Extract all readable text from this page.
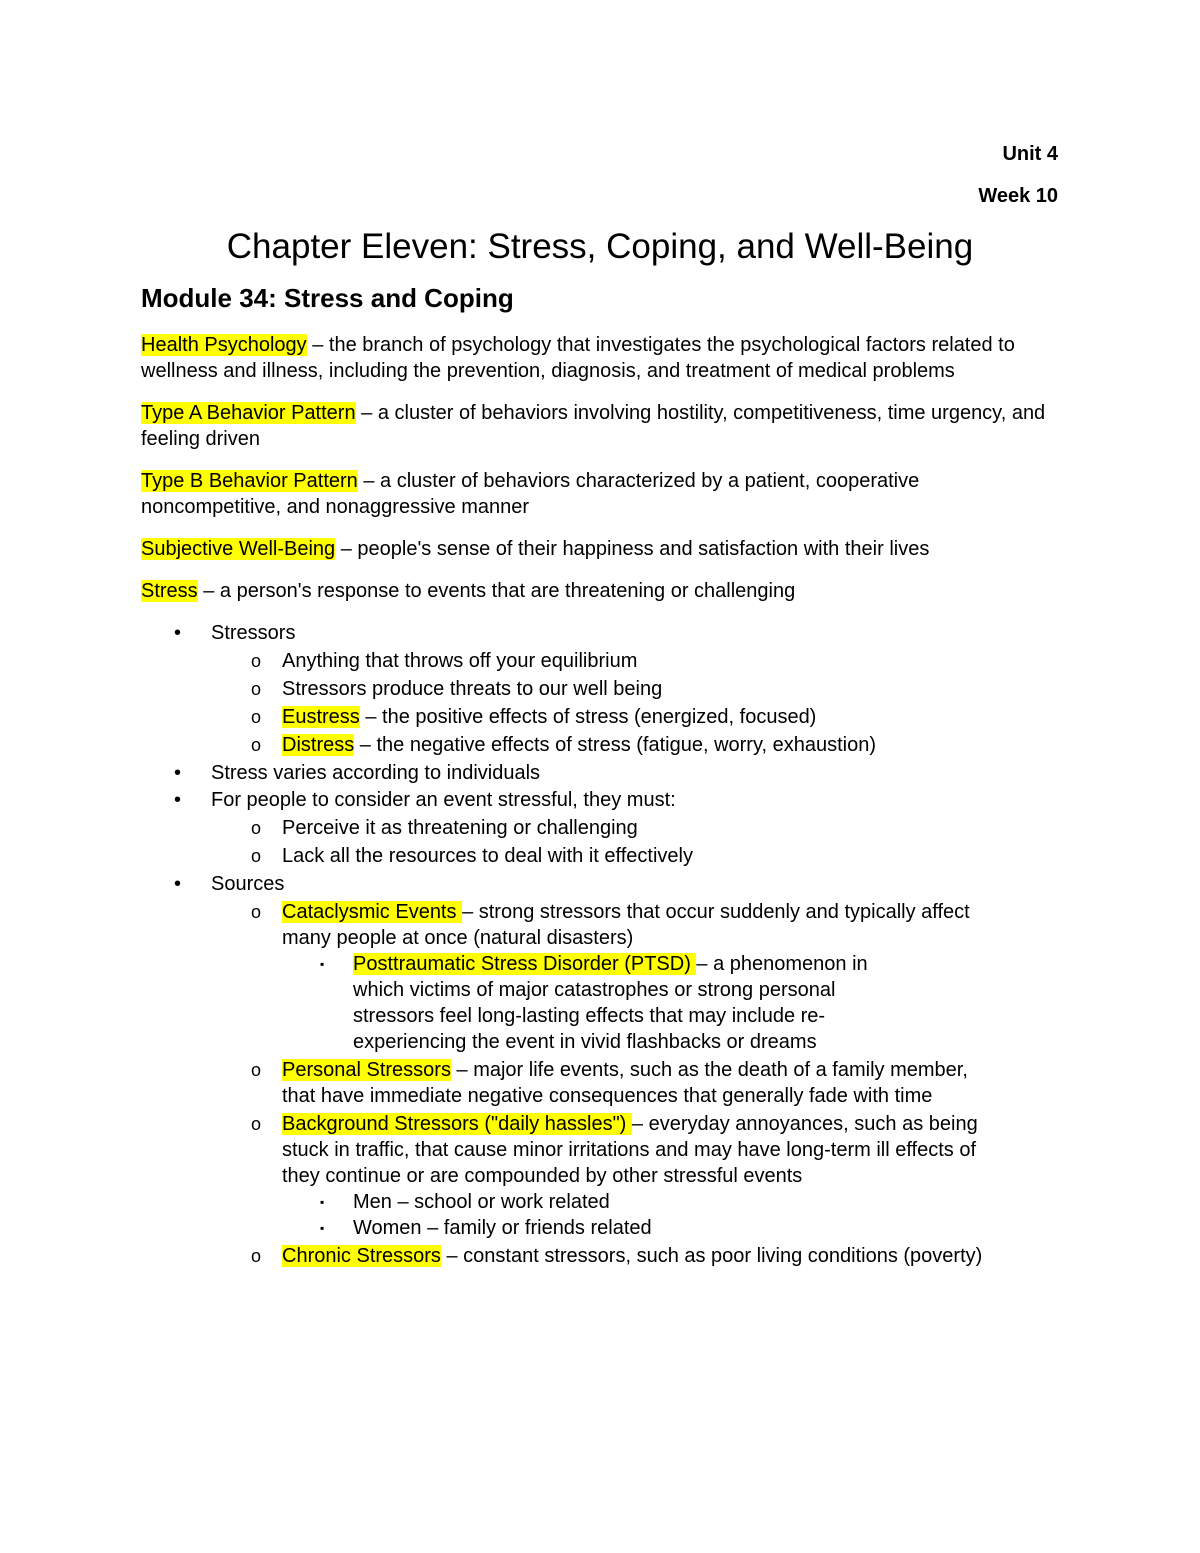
Unit 4
Week 10
Chapter Eleven: Stress, Coping, and Well-Being
Module 34: Stress and Coping

Health Psychology – the branch of psychology that investigates the psychological factors related to wellness and illness, including the prevention, diagnosis, and treatment of medical problems

Type A Behavior Pattern – a cluster of behaviors involving hostility, competitiveness, time urgency, and feeling driven

Type B Behavior Pattern – a cluster of behaviors characterized by a patient, cooperative noncompetitive, and nonaggressive manner

Subjective Well-Being – people's sense of their happiness and satisfaction with their lives

Stress – a person's response to events that are threatening or challenging

• Stressors
o Anything that throws off your equilibrium
o Stressors produce threats to our well being
o Eustress – the positive effects of stress (energized, focused)
o Distress – the negative effects of stress (fatigue, worry, exhaustion)
• Stress varies according to individuals
• For people to consider an event stressful, they must:
o Perceive it as threatening or challenging
o Lack all the resources to deal with it effectively
• Sources
o Cataclysmic Events – strong stressors that occur suddenly and typically affect many people at once (natural disasters)
▪ Posttraumatic Stress Disorder (PTSD) – a phenomenon in which victims of major catastrophes or strong personal stressors feel long-lasting effects that may include re-experiencing the event in vivid flashbacks or dreams
o Personal Stressors – major life events, such as the death of a family member, that have immediate negative consequences that generally fade with time
o Background Stressors ("daily hassles") – everyday annoyances, such as being stuck in traffic, that cause minor irritations and may have long-term ill effects of they continue or are compounded by other stressful events
▪ Men – school or work related
▪ Women – family or friends related
o Chronic Stressors – constant stressors, such as poor living conditions (poverty)
